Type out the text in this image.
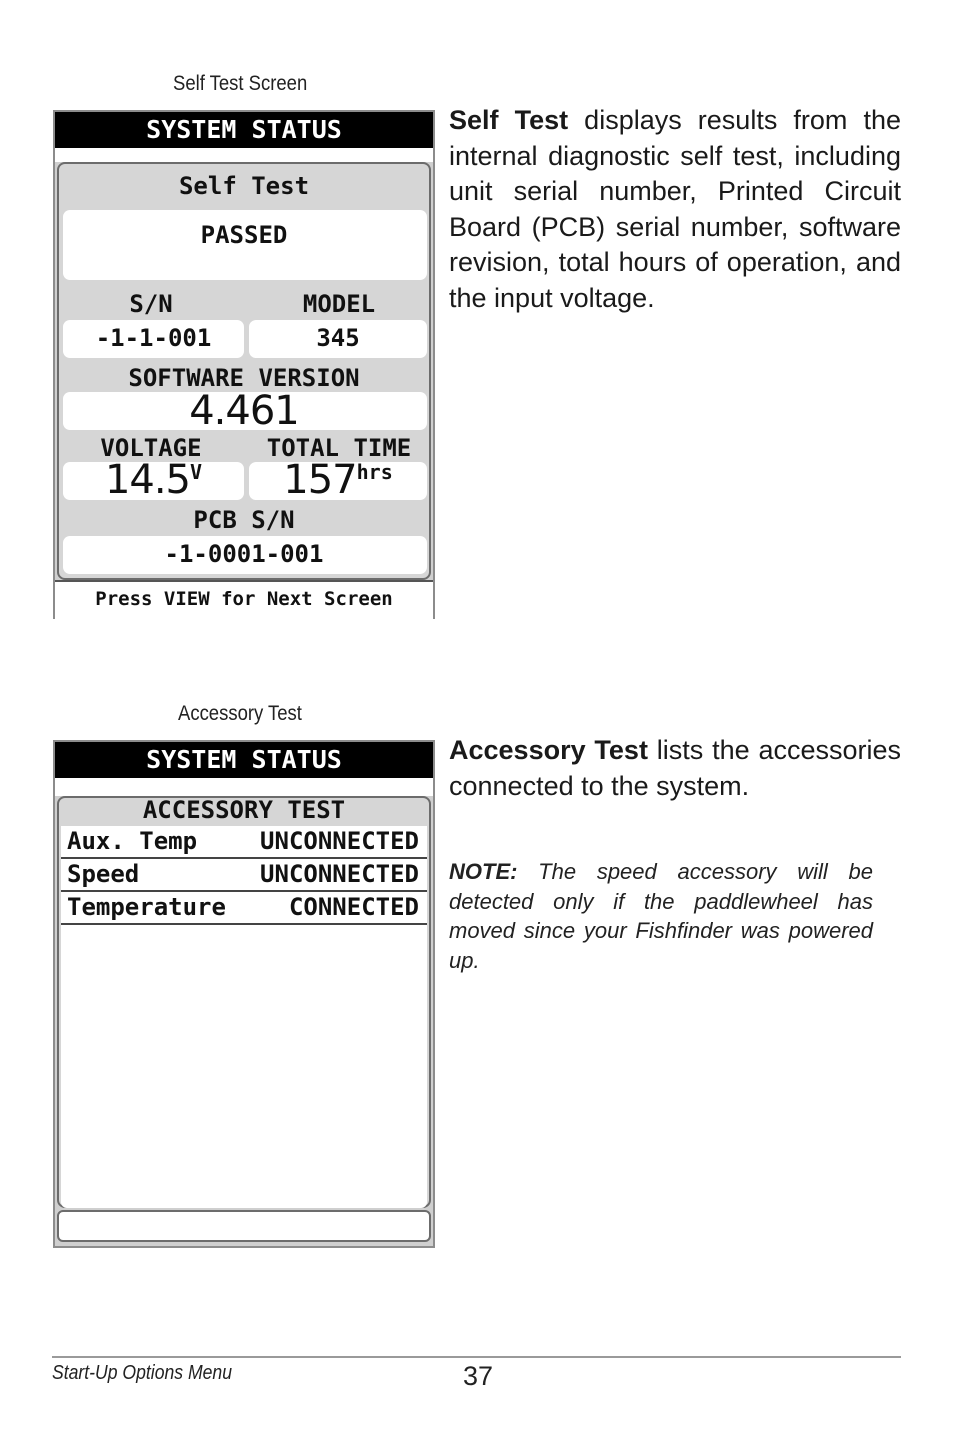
Self Test Screen
SYSTEM STATUS
Self Test
PASSED
S/N	MODEL
-1-1-001	345
SOFTWARE VERSION
4.461
VOLTAGE	TOTAL TIME
$14.5^V$	$157^{hrs}$
PCB S/N
-1-0001-001
Press VIEW for Next Screen
Self Test displays results from the internal diagnostic self test, including unit serial number, Printed Circuit Board (PCB) serial number, software revision, total hours of operation, and the input voltage.
Accessory Test
SYSTEM STATUS
ACCESSORY TEST
Aux. Temp	UNCONNECTED
Speed	UNCONNECTED
Temperature	CONNECTED
Accessory Test lists the accessories connected to the system.
NOTE: The speed accessory will be detected only if the paddlewheel has moved since your Fishfinder was powered up.
Start-Up Options Menu	37
